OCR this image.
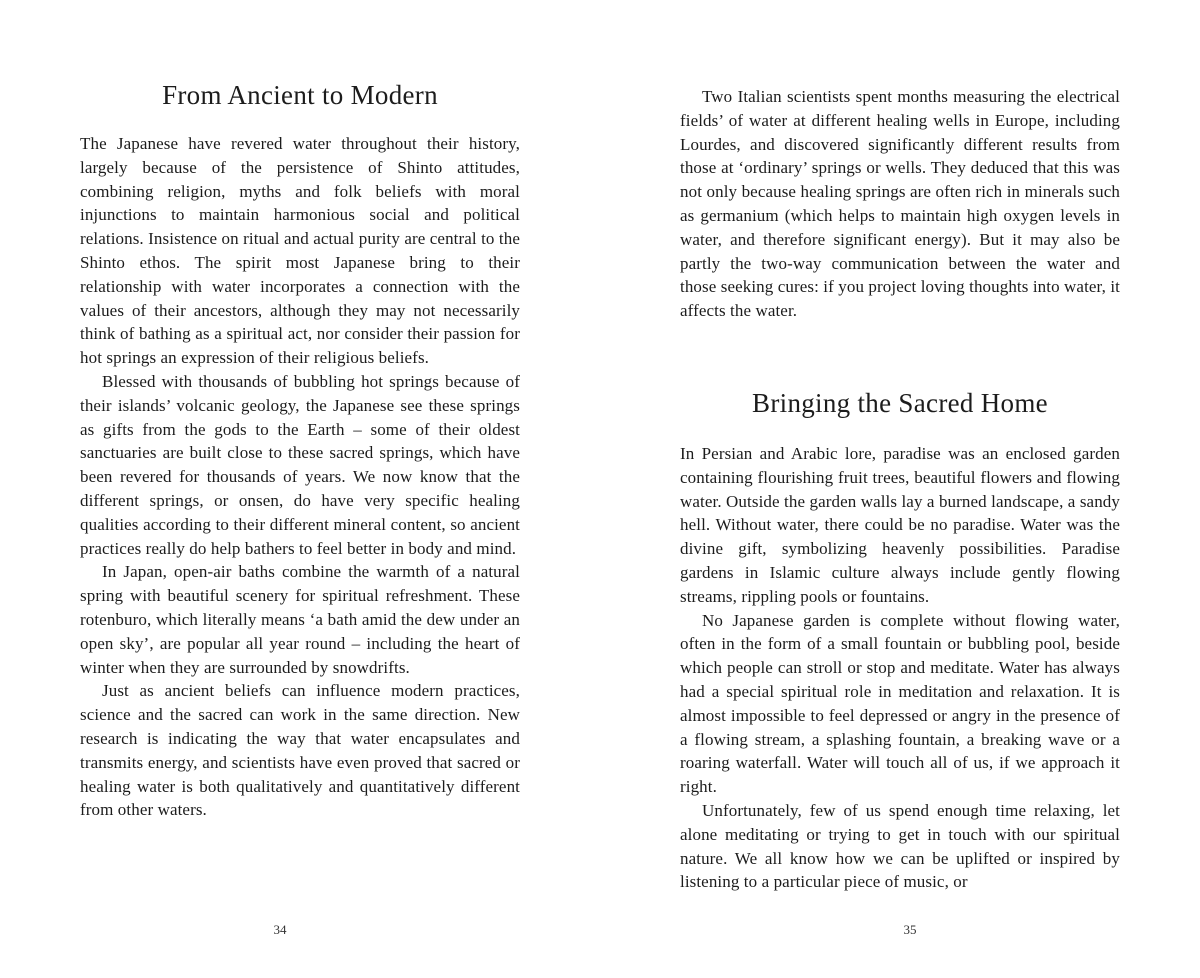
From Ancient to Modern

The Japanese have revered water throughout their history, largely because of the persistence of Shinto attitudes, combining religion, myths and folk beliefs with moral injunctions to maintain harmonious social and political relations. Insistence on ritual and actual purity are central to the Shinto ethos. The spirit most Japanese bring to their relationship with water incorporates a connection with the values of their ancestors, although they may not necessarily think of bathing as a spiritual act, nor consider their passion for hot springs an expression of their religious beliefs.

Blessed with thousands of bubbling hot springs because of their islands’ volcanic geology, the Japanese see these springs as gifts from the gods to the Earth – some of their oldest sanctuaries are built close to these sacred springs, which have been revered for thousands of years. We now know that the different springs, or onsen, do have very specific healing qualities according to their different mineral content, so ancient practices really do help bathers to feel better in body and mind.

In Japan, open-air baths combine the warmth of a natural spring with beautiful scenery for spiritual refreshment. These rotenburo, which literally means ‘a bath amid the dew under an open sky’, are popular all year round – including the heart of winter when they are surrounded by snowdrifts.

Just as ancient beliefs can influence modern practices, science and the sacred can work in the same direction. New research is indicating the way that water encapsulates and transmits energy, and scientists have even proved that sacred or healing water is both qualitatively and quantitatively different from other waters.

34

Two Italian scientists spent months measuring the electrical fields’ of water at different healing wells in Europe, including Lourdes, and discovered significantly different results from those at ‘ordinary’ springs or wells. They deduced that this was not only because healing springs are often rich in minerals such as germanium (which helps to maintain high oxygen levels in water, and therefore significant energy). But it may also be partly the two-way communication between the water and those seeking cures: if you project loving thoughts into water, it affects the water.

Bringing the Sacred Home

In Persian and Arabic lore, paradise was an enclosed garden containing flourishing fruit trees, beautiful flowers and flowing water. Outside the garden walls lay a burned landscape, a sandy hell. Without water, there could be no paradise. Water was the divine gift, symbolizing heavenly possibilities. Paradise gardens in Islamic culture always include gently flowing streams, rippling pools or fountains.

No Japanese garden is complete without flowing water, often in the form of a small fountain or bubbling pool, beside which people can stroll or stop and meditate. Water has always had a special spiritual role in meditation and relaxation. It is almost impossible to feel depressed or angry in the presence of a flowing stream, a splashing fountain, a breaking wave or a roaring waterfall. Water will touch all of us, if we approach it right.

Unfortunately, few of us spend enough time relaxing, let alone meditating or trying to get in touch with our spiritual nature. We all know how we can be uplifted or inspired by listening to a particular piece of music, or

35
